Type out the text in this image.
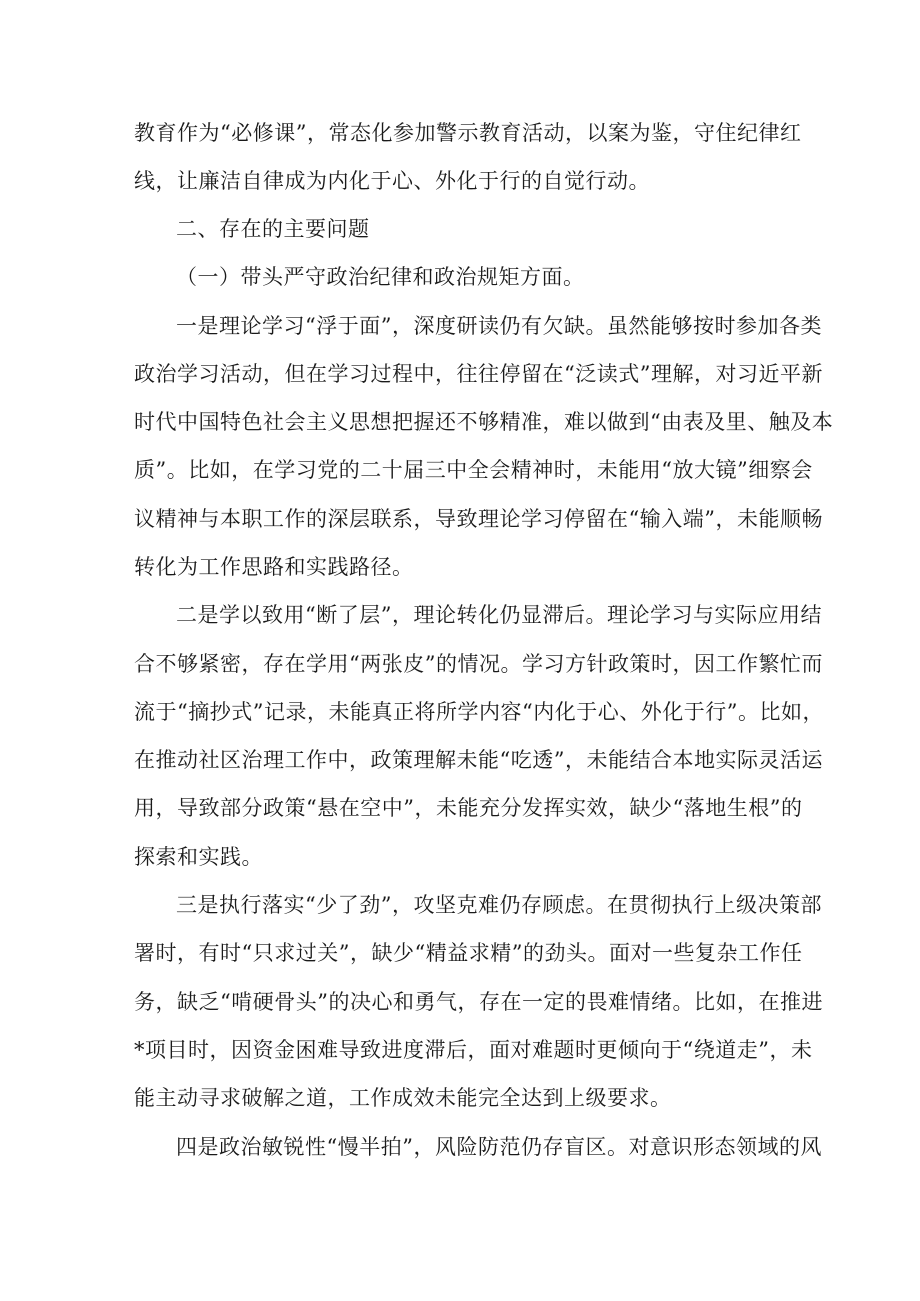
教育作为“必修课”，常态化参加警示教育活动，以案为鉴，守住纪律红
线，让廉洁自律成为内化于心、外化于行的自觉行动。
二、存在的主要问题
（一）带头严守政治纪律和政治规矩方面。
一是理论学习“浮于面”，深度研读仍有欠缺。虽然能够按时参加各类
政治学习活动，但在学习过程中，往往停留在“泛读式”理解，对习近平新
时代中国特色社会主义思想把握还不够精准，难以做到“由表及里、触及本
质”。比如，在学习党的二十届三中全会精神时，未能用“放大镜”细察会
议精神与本职工作的深层联系，导致理论学习停留在“输入端”，未能顺畅
转化为工作思路和实践路径。
二是学以致用“断了层”，理论转化仍显滞后。理论学习与实际应用结
合不够紧密，存在学用“两张皮”的情况。学习方针政策时，因工作繁忙而
流于“摘抄式”记录，未能真正将所学内容“内化于心、外化于行”。比如，
在推动社区治理工作中，政策理解未能“吃透”，未能结合本地实际灵活运
用，导致部分政策“悬在空中”，未能充分发挥实效，缺少“落地生根”的
探索和实践。
三是执行落实“少了劲”，攻坚克难仍存顾虑。在贯彻执行上级决策部
署时，有时“只求过关”，缺少“精益求精”的劲头。面对一些复杂工作任
务，缺乏“啃硬骨头”的决心和勇气，存在一定的畏难情绪。比如，在推进
*项目时，因资金困难导致进度滞后，面对难题时更倾向于“绕道走”，未
能主动寻求破解之道，工作成效未能完全达到上级要求。
四是政治敏锐性“慢半拍”，风险防范仍存盲区。对意识形态领域的风
